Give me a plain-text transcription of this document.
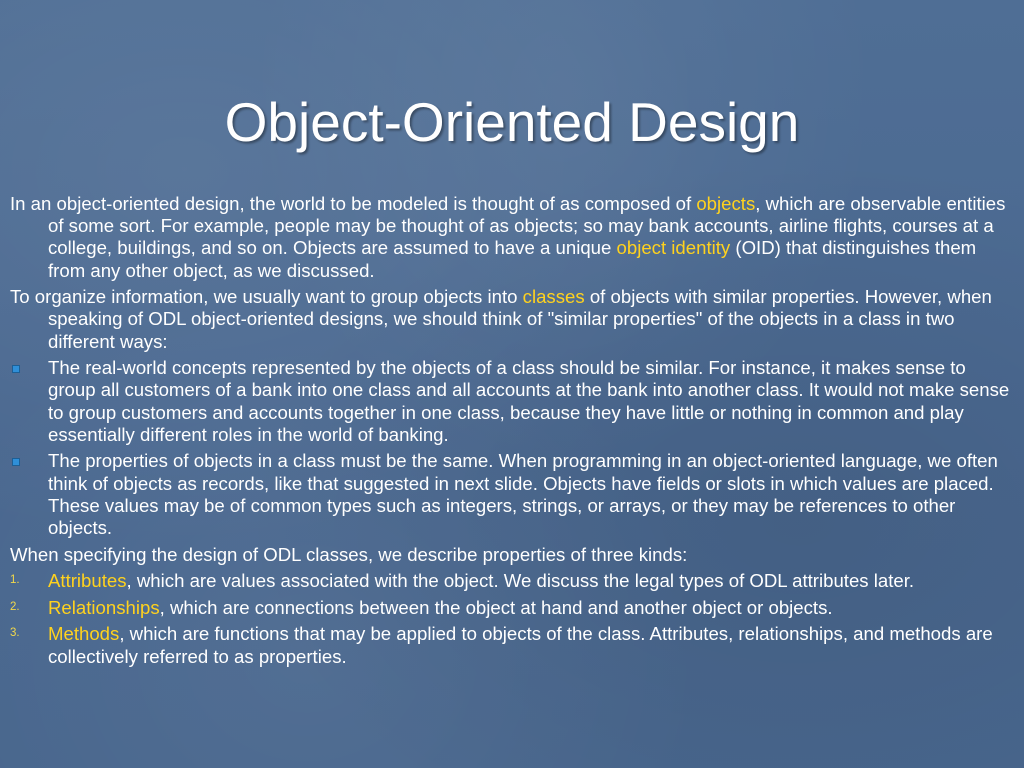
Object-Oriented Design

In an object-oriented design, the world to be modeled is thought of as composed of objects, which are observable entities of some sort. For example, people may be thought of as objects; so may bank accounts, airline flights, courses at a college, buildings, and so on. Objects are assumed to have a unique object identity (OID) that distinguishes them from any other object, as we discussed.

To organize information, we usually want to group objects into classes of objects with similar properties. However, when speaking of ODL object-oriented designs, we should think of "similar properties" of the objects in a class in two different ways:

The real-world concepts represented by the objects of a class should be similar. For instance, it makes sense to group all customers of a bank into one class and all accounts at the bank into another class. It would not make sense to group customers and accounts together in one class, because they have little or nothing in common and play essentially different roles in the world of banking.
The properties of objects in a class must be the same. When programming in an object-oriented language, we often think of objects as records, like that suggested in next slide. Objects have fields or slots in which values are placed. These values may be of common types such as integers, strings, or arrays, or they may be references to other objects.

When specifying the design of ODL classes, we describe properties of three kinds:

1. Attributes, which are values associated with the object. We discuss the legal types of ODL attributes later.
2. Relationships, which are connections between the object at hand and another object or objects.
3. Methods, which are functions that may be applied to objects of the class. Attributes, relationships, and methods are collectively referred to as properties.
